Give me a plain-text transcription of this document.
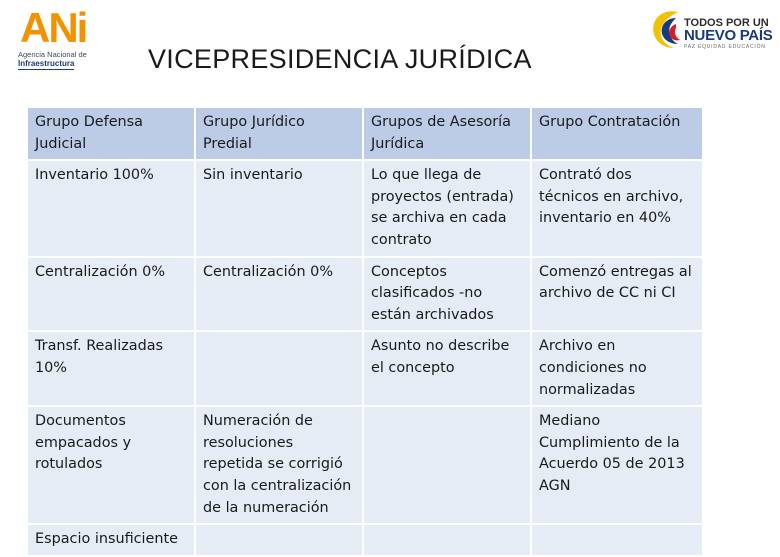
ANi
Agencia Nacional de
Infraestructura	VICEPRESIDENCIA JURÍDICA
TODOS POR UN
NUEVO PAÍS
PAZ EQUIDAD EDUCACIÓN
Grupo Defensa Judicial	Grupo Jurídico Predial	Grupos de Asesoría Jurídica	Grupo Contratación
Inventario 100%	Sin inventario	Lo que llega de proyectos (entrada) se archiva en cada contrato	Contrató dos técnicos en archivo, inventario en 40%
Centralización 0%	Centralización 0%	Conceptos clasificados -no están archivados	Comenzó entregas al archivo de CC ni CI
Transf. Realizadas 10%		Asunto no describe el concepto	Archivo en condiciones no normalizadas
Documentos empacados y rotulados	Numeración de resoluciones repetida se corrigió con la centralización de la numeración		Mediano Cumplimiento de la Acuerdo 05 de 2013 AGN
Espacio insuficiente			
